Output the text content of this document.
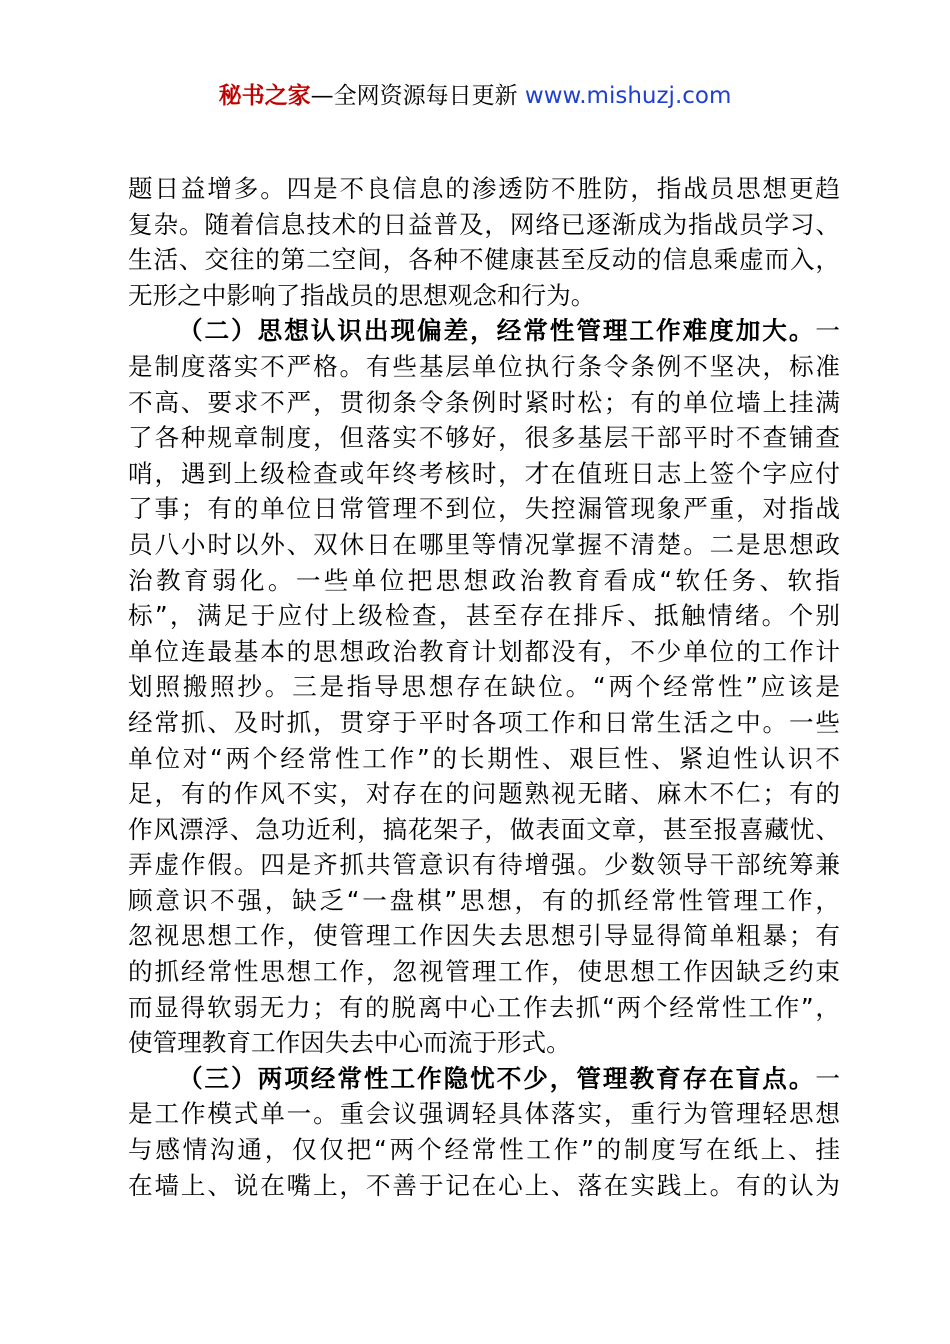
秘书之家—全网资源每日更新 www.mishuzj.com
题日益增多。四是不良信息的渗透防不胜防，指战员思想更趋
复杂。随着信息技术的日益普及，网络已逐渐成为指战员学习、
生活、交往的第二空间，各种不健康甚至反动的信息乘虚而入，
无形之中影响了指战员的思想观念和行为。
（二）思想认识出现偏差，经常性管理工作难度加大。一
是制度落实不严格。有些基层单位执行条令条例不坚决，标准
不高、要求不严，贯彻条令条例时紧时松；有的单位墙上挂满
了各种规章制度，但落实不够好，很多基层干部平时不查铺查
哨，遇到上级检查或年终考核时，才在值班日志上签个字应付
了事；有的单位日常管理不到位，失控漏管现象严重，对指战
员八小时以外、双休日在哪里等情况掌握不清楚。二是思想政
治教育弱化。一些单位把思想政治教育看成“软任务、软指
标”，满足于应付上级检查，甚至存在排斥、抵触情绪。个别
单位连最基本的思想政治教育计划都没有，不少单位的工作计
划照搬照抄。三是指导思想存在缺位。“两个经常性”应该是
经常抓、及时抓，贯穿于平时各项工作和日常生活之中。一些
单位对“两个经常性工作”的长期性、艰巨性、紧迫性认识不
足，有的作风不实，对存在的问题熟视无睹、麻木不仁；有的
作风漂浮、急功近利，搞花架子，做表面文章，甚至报喜藏忧、
弄虚作假。四是齐抓共管意识有待增强。少数领导干部统筹兼
顾意识不强，缺乏“一盘棋”思想，有的抓经常性管理工作，
忽视思想工作，使管理工作因失去思想引导显得简单粗暴；有
的抓经常性思想工作，忽视管理工作，使思想工作因缺乏约束
而显得软弱无力；有的脱离中心工作去抓“两个经常性工作”，
使管理教育工作因失去中心而流于形式。
（三）两项经常性工作隐忧不少，管理教育存在盲点。一
是工作模式单一。重会议强调轻具体落实，重行为管理轻思想
与感情沟通，仅仅把“两个经常性工作”的制度写在纸上、挂
在墙上、说在嘴上，不善于记在心上、落在实践上。有的认为
